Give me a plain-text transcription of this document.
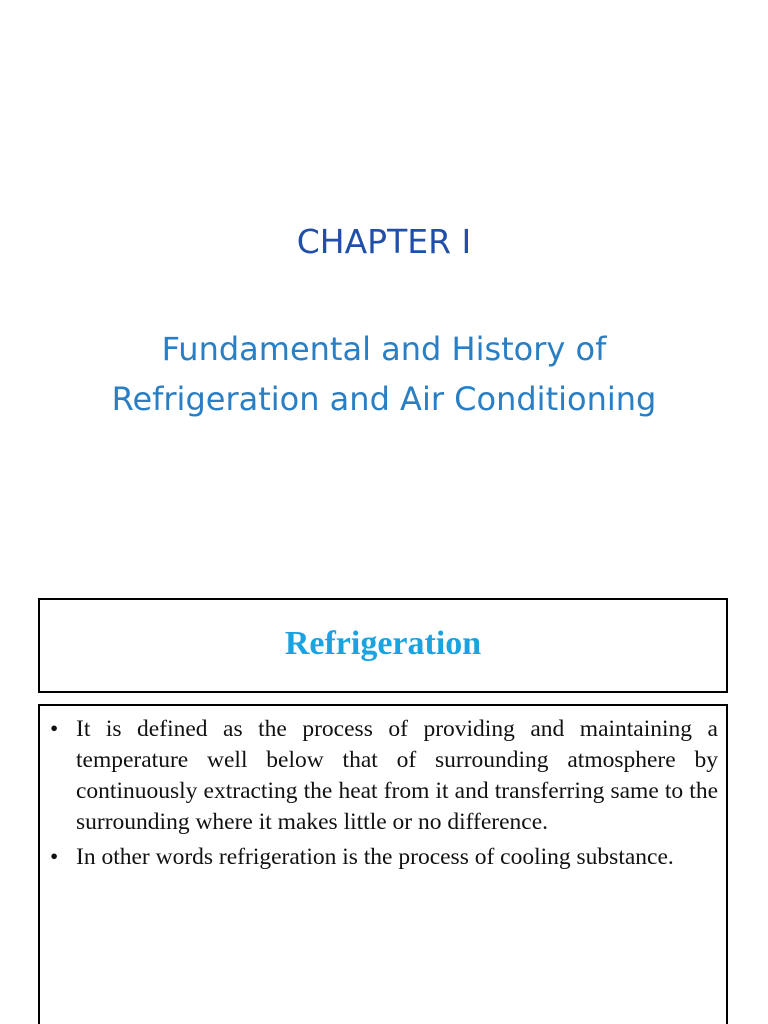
CHAPTER I
Fundamental and History of
Refrigeration and Air Conditioning
Refrigeration
• It is defined as the process of providing and maintaining a temperature well below that of surrounding atmosphere by continuously extracting the heat from it and transferring same to the surrounding where it makes little or no difference.
• In other words refrigeration is the process of cooling substance.
